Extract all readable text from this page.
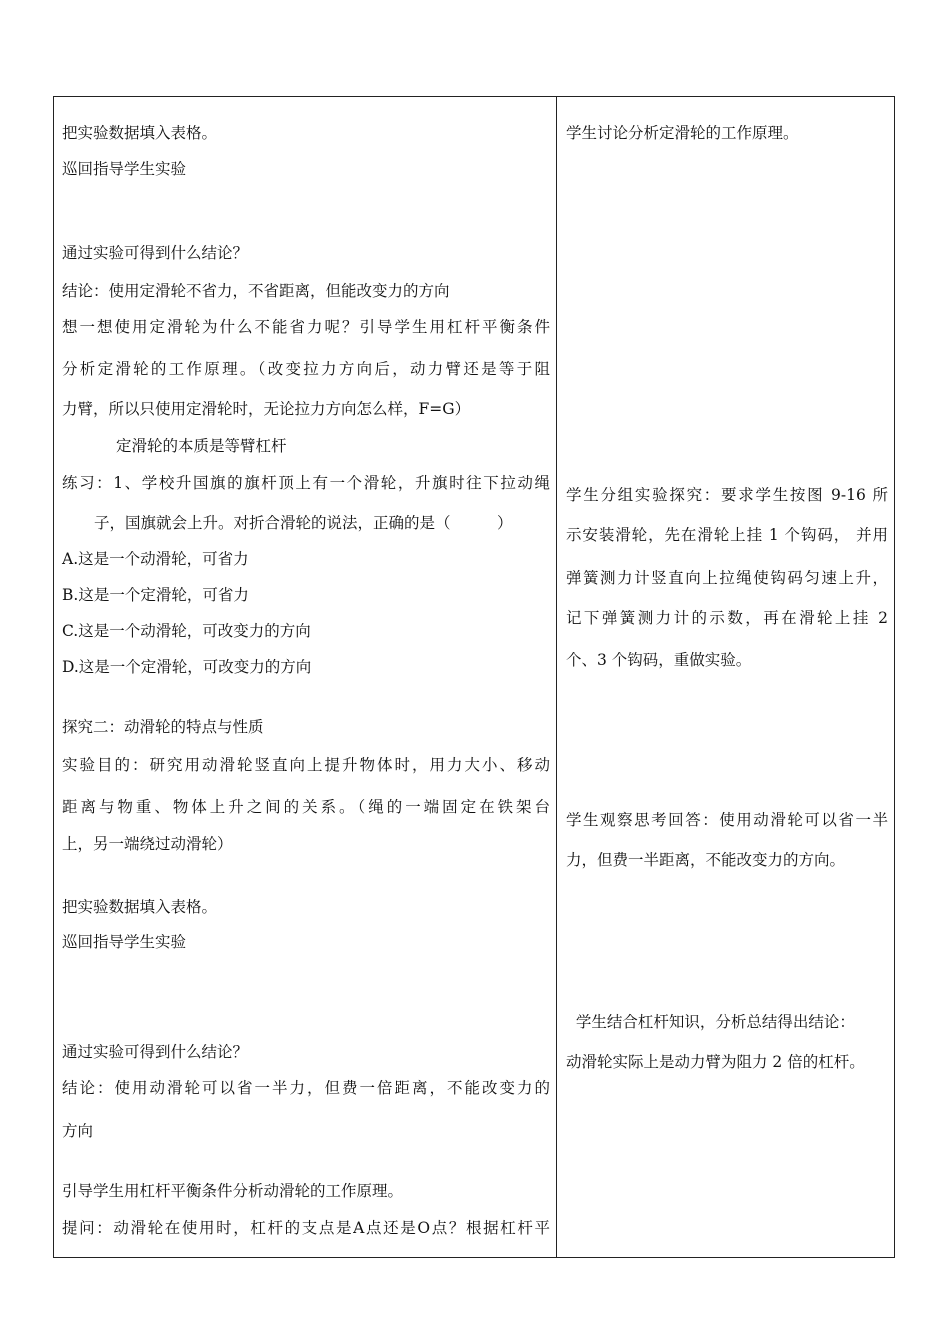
把实验数据填入表格。
巡回指导学生实验
通过实验可得到什么结论？
结论：使用定滑轮不省力，不省距离，但能改变力的方向
想一想使用定滑轮为什么不能省力呢？引导学生用杠杆平衡条件
分析定滑轮的工作原理。（改变拉力方向后，动力臂还是等于阻
力臂，所以只使用定滑轮时，无论拉力方向怎么样，F=G）
定滑轮的本质是等臂杠杆
练习：1、学校升国旗的旗杆顶上有一个滑轮，升旗时往下拉动绳
子，国旗就会上升。对折合滑轮的说法，正确的是（　　　）
A.这是一个动滑轮，可省力
B.这是一个定滑轮，可省力
C.这是一个动滑轮，可改变力的方向
D.这是一个定滑轮，可改变力的方向
探究二：动滑轮的特点与性质
实验目的：研究用动滑轮竖直向上提升物体时，用力大小、移动
距离与物重、物体上升之间的关系。（绳的一端固定在铁架台
上，另一端绕过动滑轮）
把实验数据填入表格。
巡回指导学生实验
通过实验可得到什么结论？
结论：使用动滑轮可以省一半力，但费一倍距离，不能改变力的
方向
引导学生用杠杆平衡条件分析动滑轮的工作原理。
提问：动滑轮在使用时，杠杆的支点是A点还是O点？根据杠杆平
学生讨论分析定滑轮的工作原理。
学生分组实验探究：要求学生按图 9-16 所
示安装滑轮，先在滑轮上挂 1 个钩码， 并用
弹簧测力计竖直向上拉绳使钩码匀速上升，
记下弹簧测力计的示数，再在滑轮上挂 2
个、3 个钩码，重做实验。
学生观察思考回答：使用动滑轮可以省一半
力，但费一半距离，不能改变力的方向。
学生结合杠杆知识，分析总结得出结论：
动滑轮实际上是动力臂为阻力 2 倍的杠杆。
